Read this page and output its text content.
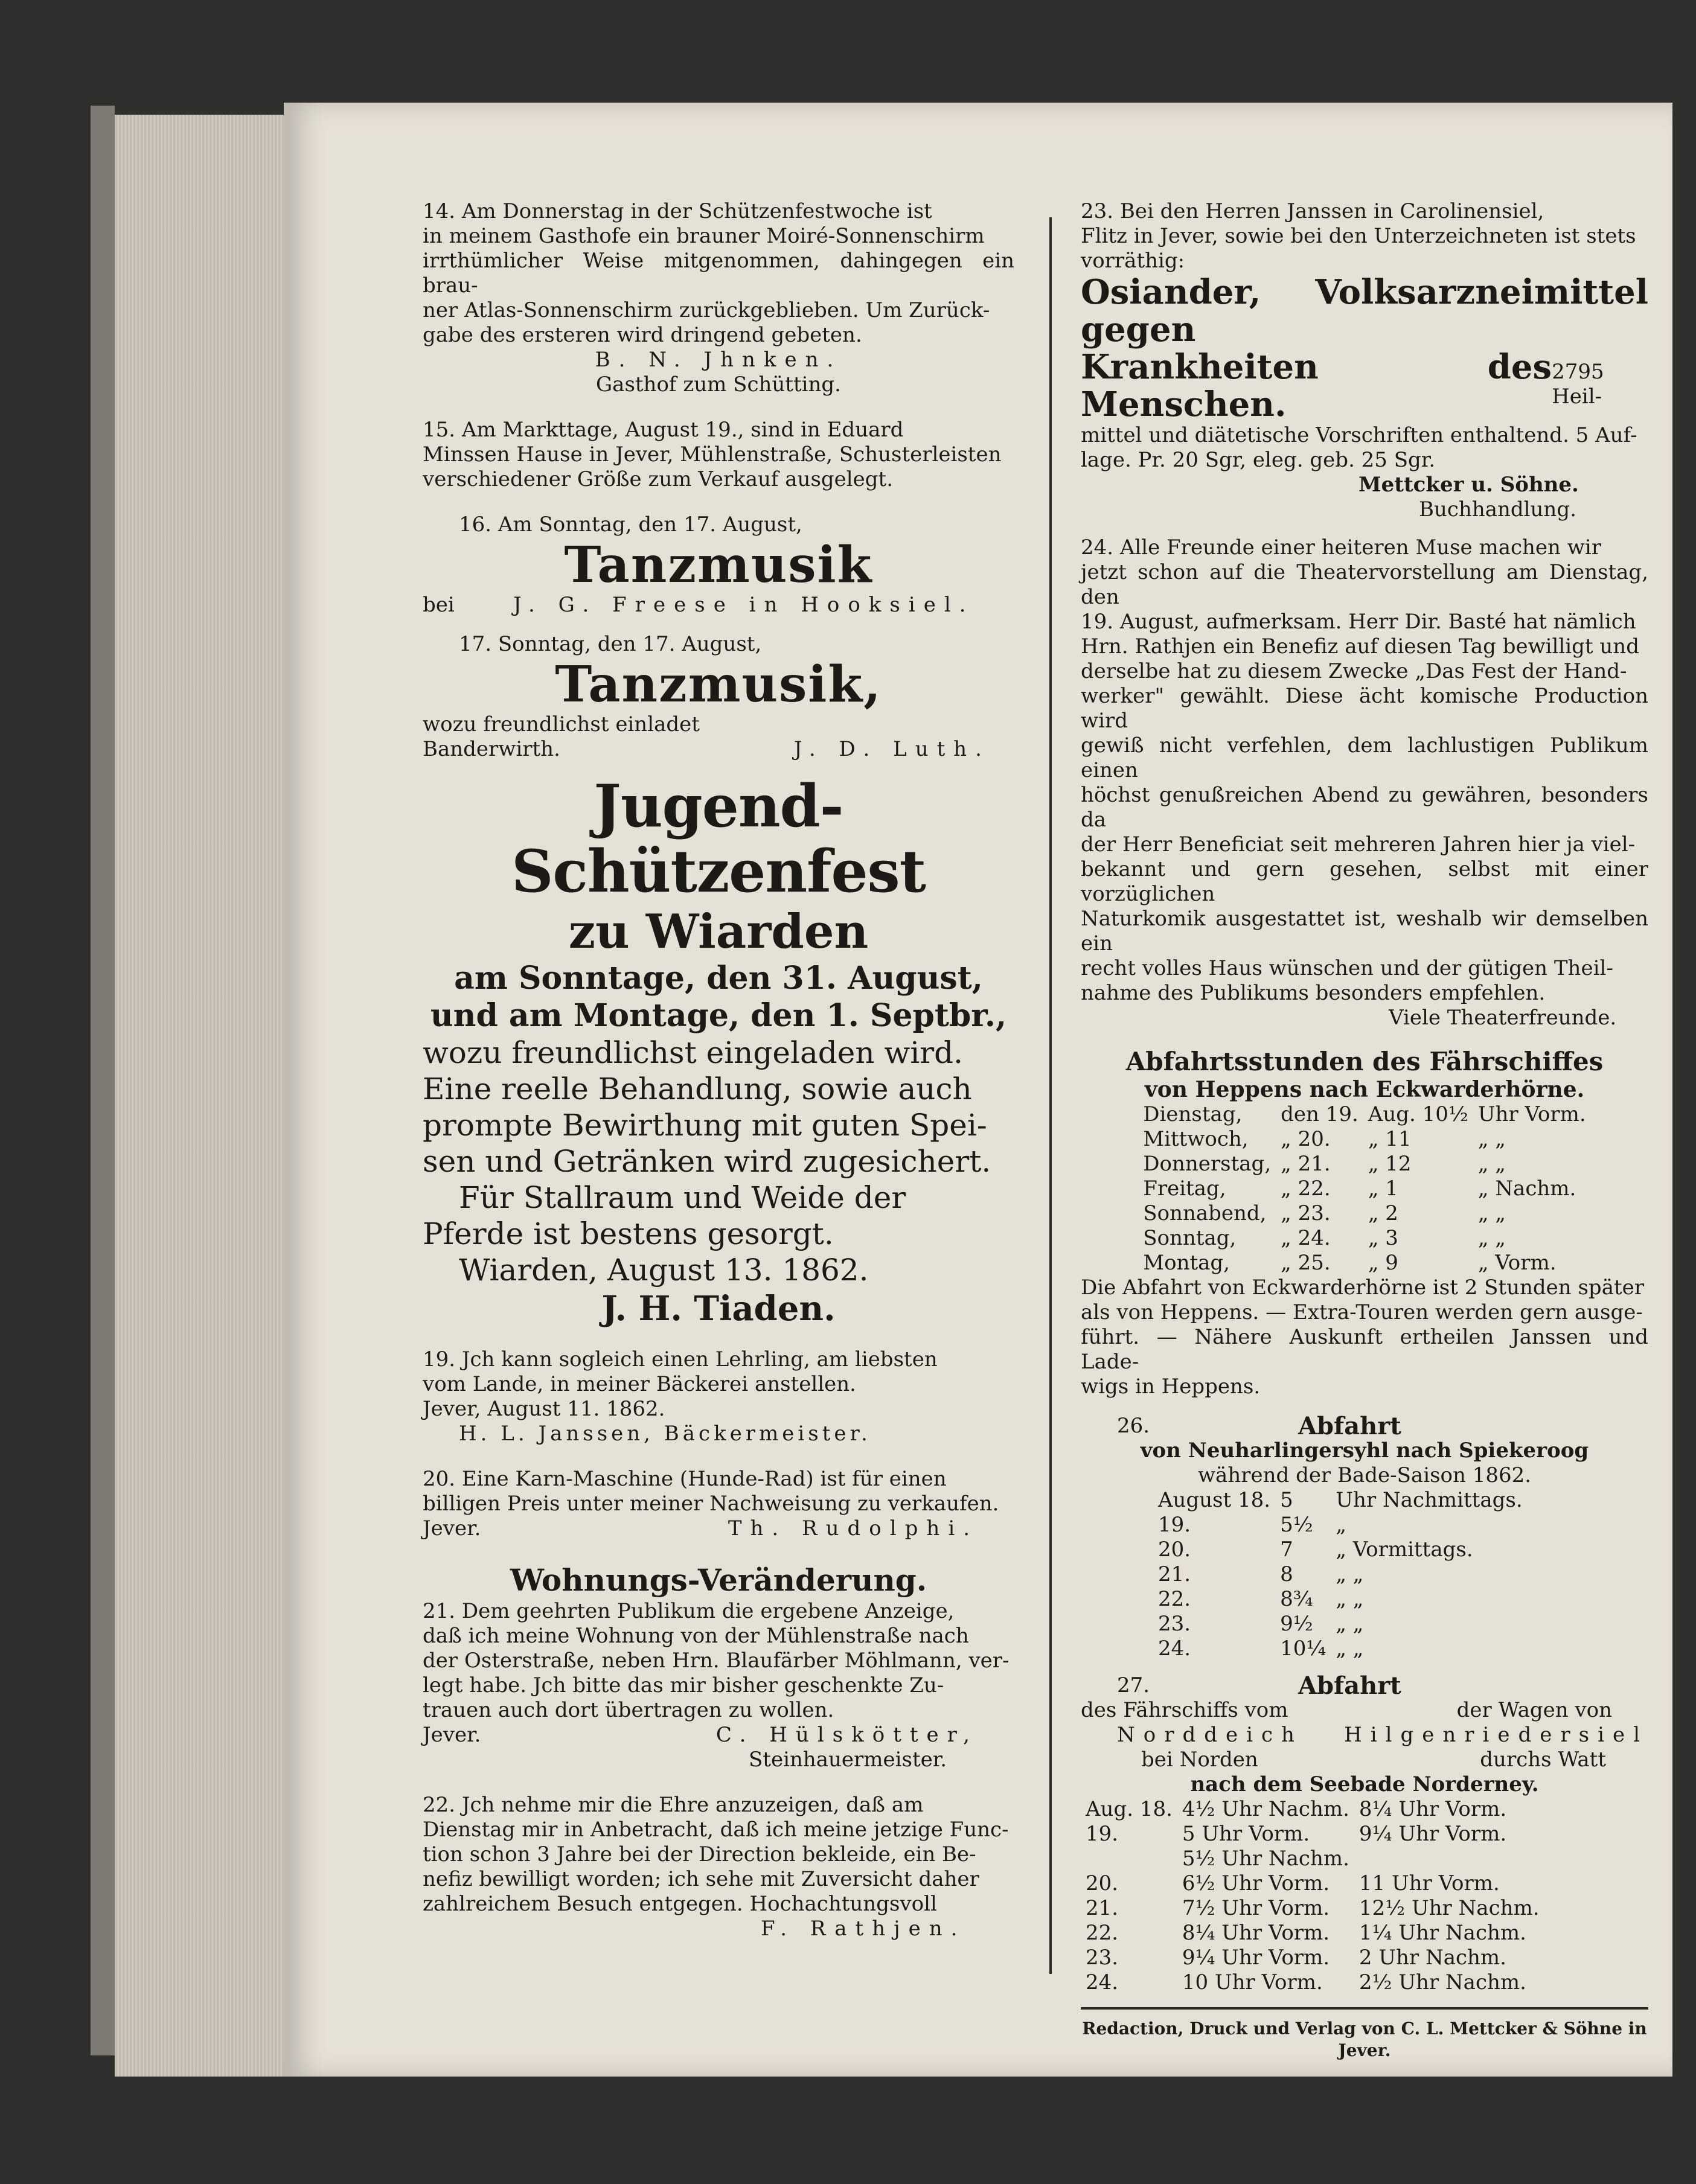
14. Am Donnerstag in der Schützenfestwoche ist
in meinem Gasthofe ein brauner Moiré-Sonnenschirm
irrthümlicher Weise mitgenommen, dahingegen ein brau-
ner Atlas-Sonnenschirm zurückgeblieben. Um Zurück-
gabe des ersteren wird dringend gebeten.
B. N. Jhnken.
Gasthof zum Schütting.
15. Am Markttage, August 19., sind in Eduard
Minssen Hause in Jever, Mühlenstraße, Schusterleisten
verschiedener Größe zum Verkauf ausgelegt.
16. Am Sonntag, den 17. August,
Tanzmusik
bei	J. G. Freese in Hooksiel.
17. Sonntag, den 17. August,
Tanzmusik,
wozu freundlichst einladet
Banderwirth.	J. D. Luth.
Jugend-Schützenfest
zu Wiarden
am Sonntage, den 31. August,
und am Montage, den 1. Septbr.,
wozu freundlichst eingeladen wird.
Eine reelle Behandlung, sowie auch
prompte Bewirthung mit guten Spei-
sen und Getränken wird zugesichert.
Für Stallraum und Weide der
Pferde ist bestens gesorgt.
Wiarden, August 13. 1862.
J. H. Tiaden.
19. Jch kann sogleich einen Lehrling, am liebsten
vom Lande, in meiner Bäckerei anstellen.
Jever, August 11. 1862.
H. L. Janssen, Bäckermeister.
20. Eine Karn-Maschine (Hunde-Rad) ist für einen
billigen Preis unter meiner Nachweisung zu verkaufen.
Jever.	Th. Rudolphi.
Wohnungs-Veränderung.
21. Dem geehrten Publikum die ergebene Anzeige,
daß ich meine Wohnung von der Mühlenstraße nach
der Osterstraße, neben Hrn. Blaufärber Möhlmann, ver-
legt habe. Jch bitte das mir bisher geschenkte Zu-
trauen auch dort übertragen zu wollen.
Jever.	C. Hülskötter,
Steinhauermeister.
22. Jch nehme mir die Ehre anzuzeigen, daß am
Dienstag mir in Anbetracht, daß ich meine jetzige Func-
tion schon 3 Jahre bei der Direction bekleide, ein Be-
nefiz bewilligt worden; ich sehe mit Zuversicht daher
zahlreichem Besuch entgegen. Hochachtungsvoll
F. Rathjen.
23. Bei den Herren Janssen in Carolinensiel,
Flitz in Jever, sowie bei den Unterzeichneten ist stets
vorräthig:
Osiander, Volksarzneimittel gegen
Krankheiten des Menschen.
2795 Heil-
mittel und diätetische Vorschriften enthaltend. 5 Auf-
lage. Pr. 20 Sgr, eleg. geb. 25 Sgr.
Mettcker u. Söhne.
Buchhandlung.
24. Alle Freunde einer heiteren Muse machen wir
jetzt schon auf die Theatervorstellung am Dienstag, den
19. August, aufmerksam. Herr Dir. Basté hat nämlich
Hrn. Rathjen ein Benefiz auf diesen Tag bewilligt und
derselbe hat zu diesem Zwecke „Das Fest der Hand-
werker" gewählt. Diese ächt komische Production wird
gewiß nicht verfehlen, dem lachlustigen Publikum einen
höchst genußreichen Abend zu gewähren, besonders da
der Herr Beneficiat seit mehreren Jahren hier ja viel-
bekannt und gern gesehen, selbst mit einer vorzüglichen
Naturkomik ausgestattet ist, weshalb wir demselben ein
recht volles Haus wünschen und der gütigen Theil-
nahme des Publikums besonders empfehlen.
Viele Theaterfreunde.
Abfahrtsstunden des Fährschiffes
von Heppens nach Eckwarderhörne.
Dienstag,	den 19.	Aug. 10½	Uhr Vorm.
Mittwoch,	„ 20.	„ 11	„ „
Donnerstag,	„ 21.	„ 12	„ „
Freitag,	„ 22.	„ 1	„ Nachm.
Sonnabend,	„ 23.	„ 2	„ „
Sonntag,	„ 24.	„ 3	„ „
Montag,	„ 25.	„ 9	„ Vorm.
Die Abfahrt von Eckwarderhörne ist 2 Stunden später
als von Heppens. — Extra-Touren werden gern ausge-
führt. — Nähere Auskunft ertheilen Janssen und Lade-
wigs in Heppens.
26.	Abfahrt
von Neuharlingersyhl nach Spiekeroog
während der Bade-Saison 1862.
August 18.	5	Uhr Nachmittags.
19.	5½	„
20.	7	„ Vormittags.
21.	8	„ „
22.	8¾	„ „
23.	9½	„ „
24.	10¼	„ „
27.	Abfahrt
des Fährschiffs vom	der Wagen von
Norddeich Hilgenriedersiel
bei Norden	durchs Watt
nach dem Seebade Norderney.
Aug. 18.	4½ Uhr Nachm.	8¼ Uhr Vorm.
19.	5 Uhr Vorm.	9¼ Uhr Vorm.
	5½ Uhr Nachm.	
20.	6½ Uhr Vorm.	11 Uhr Vorm.
21.	7½ Uhr Vorm.	12½ Uhr Nachm.
22.	8¼ Uhr Vorm.	1¼ Uhr Nachm.
23.	9¼ Uhr Vorm.	2 Uhr Nachm.
24.	10 Uhr Vorm.	2½ Uhr Nachm.
Redaction, Druck und Verlag von C. L. Mettcker & Söhne in Jever.
